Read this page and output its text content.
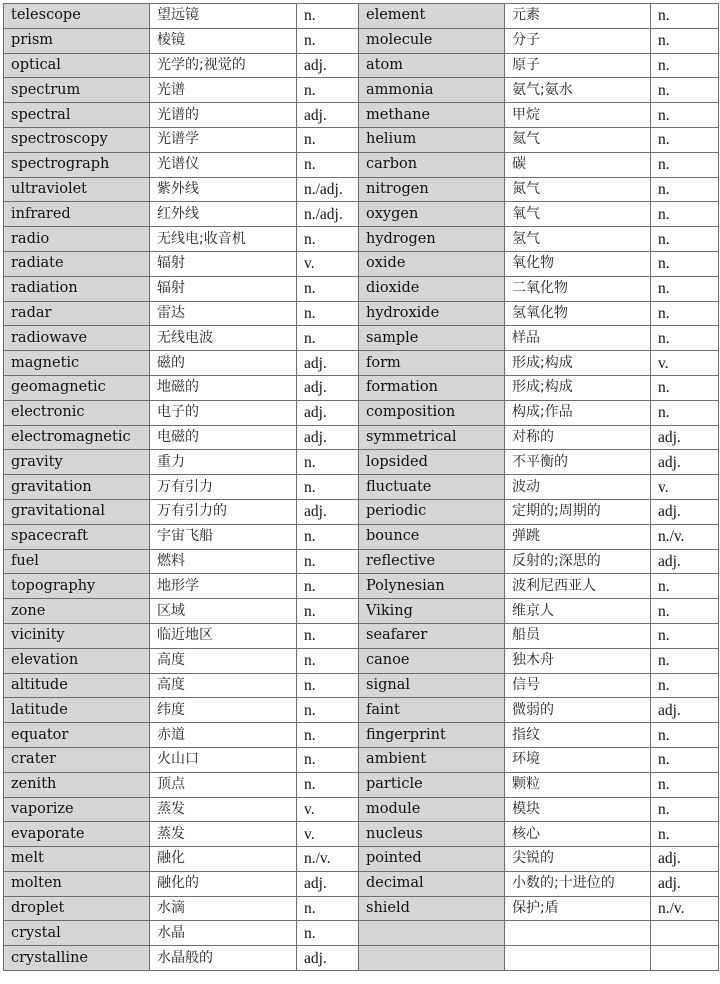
telescope	望远镜	n.	element	元素	n.
prism	棱镜	n.	molecule	分子	n.
optical	光学的;视觉的	adj.	atom	原子	n.
spectrum	光谱	n.	ammonia	氨气;氨水	n.
spectral	光谱的	adj.	methane	甲烷	n.
spectroscopy	光谱学	n.	helium	氦气	n.
spectrograph	光谱仪	n.	carbon	碳	n.
ultraviolet	紫外线	n./adj.	nitrogen	氮气	n.
infrared	红外线	n./adj.	oxygen	氧气	n.
radio	无线电;收音机	n.	hydrogen	氢气	n.
radiate	辐射	v.	oxide	氧化物	n.
radiation	辐射	n.	dioxide	二氧化物	n.
radar	雷达	n.	hydroxide	氢氧化物	n.
radiowave	无线电波	n.	sample	样品	n.
magnetic	磁的	adj.	form	形成;构成	v.
geomagnetic	地磁的	adj.	formation	形成;构成	n.
electronic	电子的	adj.	composition	构成;作品	n.
electromagnetic	电磁的	adj.	symmetrical	对称的	adj.
gravity	重力	n.	lopsided	不平衡的	adj.
gravitation	万有引力	n.	fluctuate	波动	v.
gravitational	万有引力的	adj.	periodic	定期的;周期的	adj.
spacecraft	宇宙飞船	n.	bounce	弹跳	n./v.
fuel	燃料	n.	reflective	反射的;深思的	adj.
topography	地形学	n.	Polynesian	波利尼西亚人	n.
zone	区域	n.	Viking	维京人	n.
vicinity	临近地区	n.	seafarer	船员	n.
elevation	高度	n.	canoe	独木舟	n.
altitude	高度	n.	signal	信号	n.
latitude	纬度	n.	faint	微弱的	adj.
equator	赤道	n.	fingerprint	指纹	n.
crater	火山口	n.	ambient	环境	n.
zenith	顶点	n.	particle	颗粒	n.
vaporize	蒸发	v.	module	模块	n.
evaporate	蒸发	v.	nucleus	核心	n.
melt	融化	n./v.	pointed	尖锐的	adj.
molten	融化的	adj.	decimal	小数的;十进位的	adj.
droplet	水滴	n.	shield	保护;盾	n./v.
crystal	水晶	n.			
crystalline	水晶般的	adj.			
